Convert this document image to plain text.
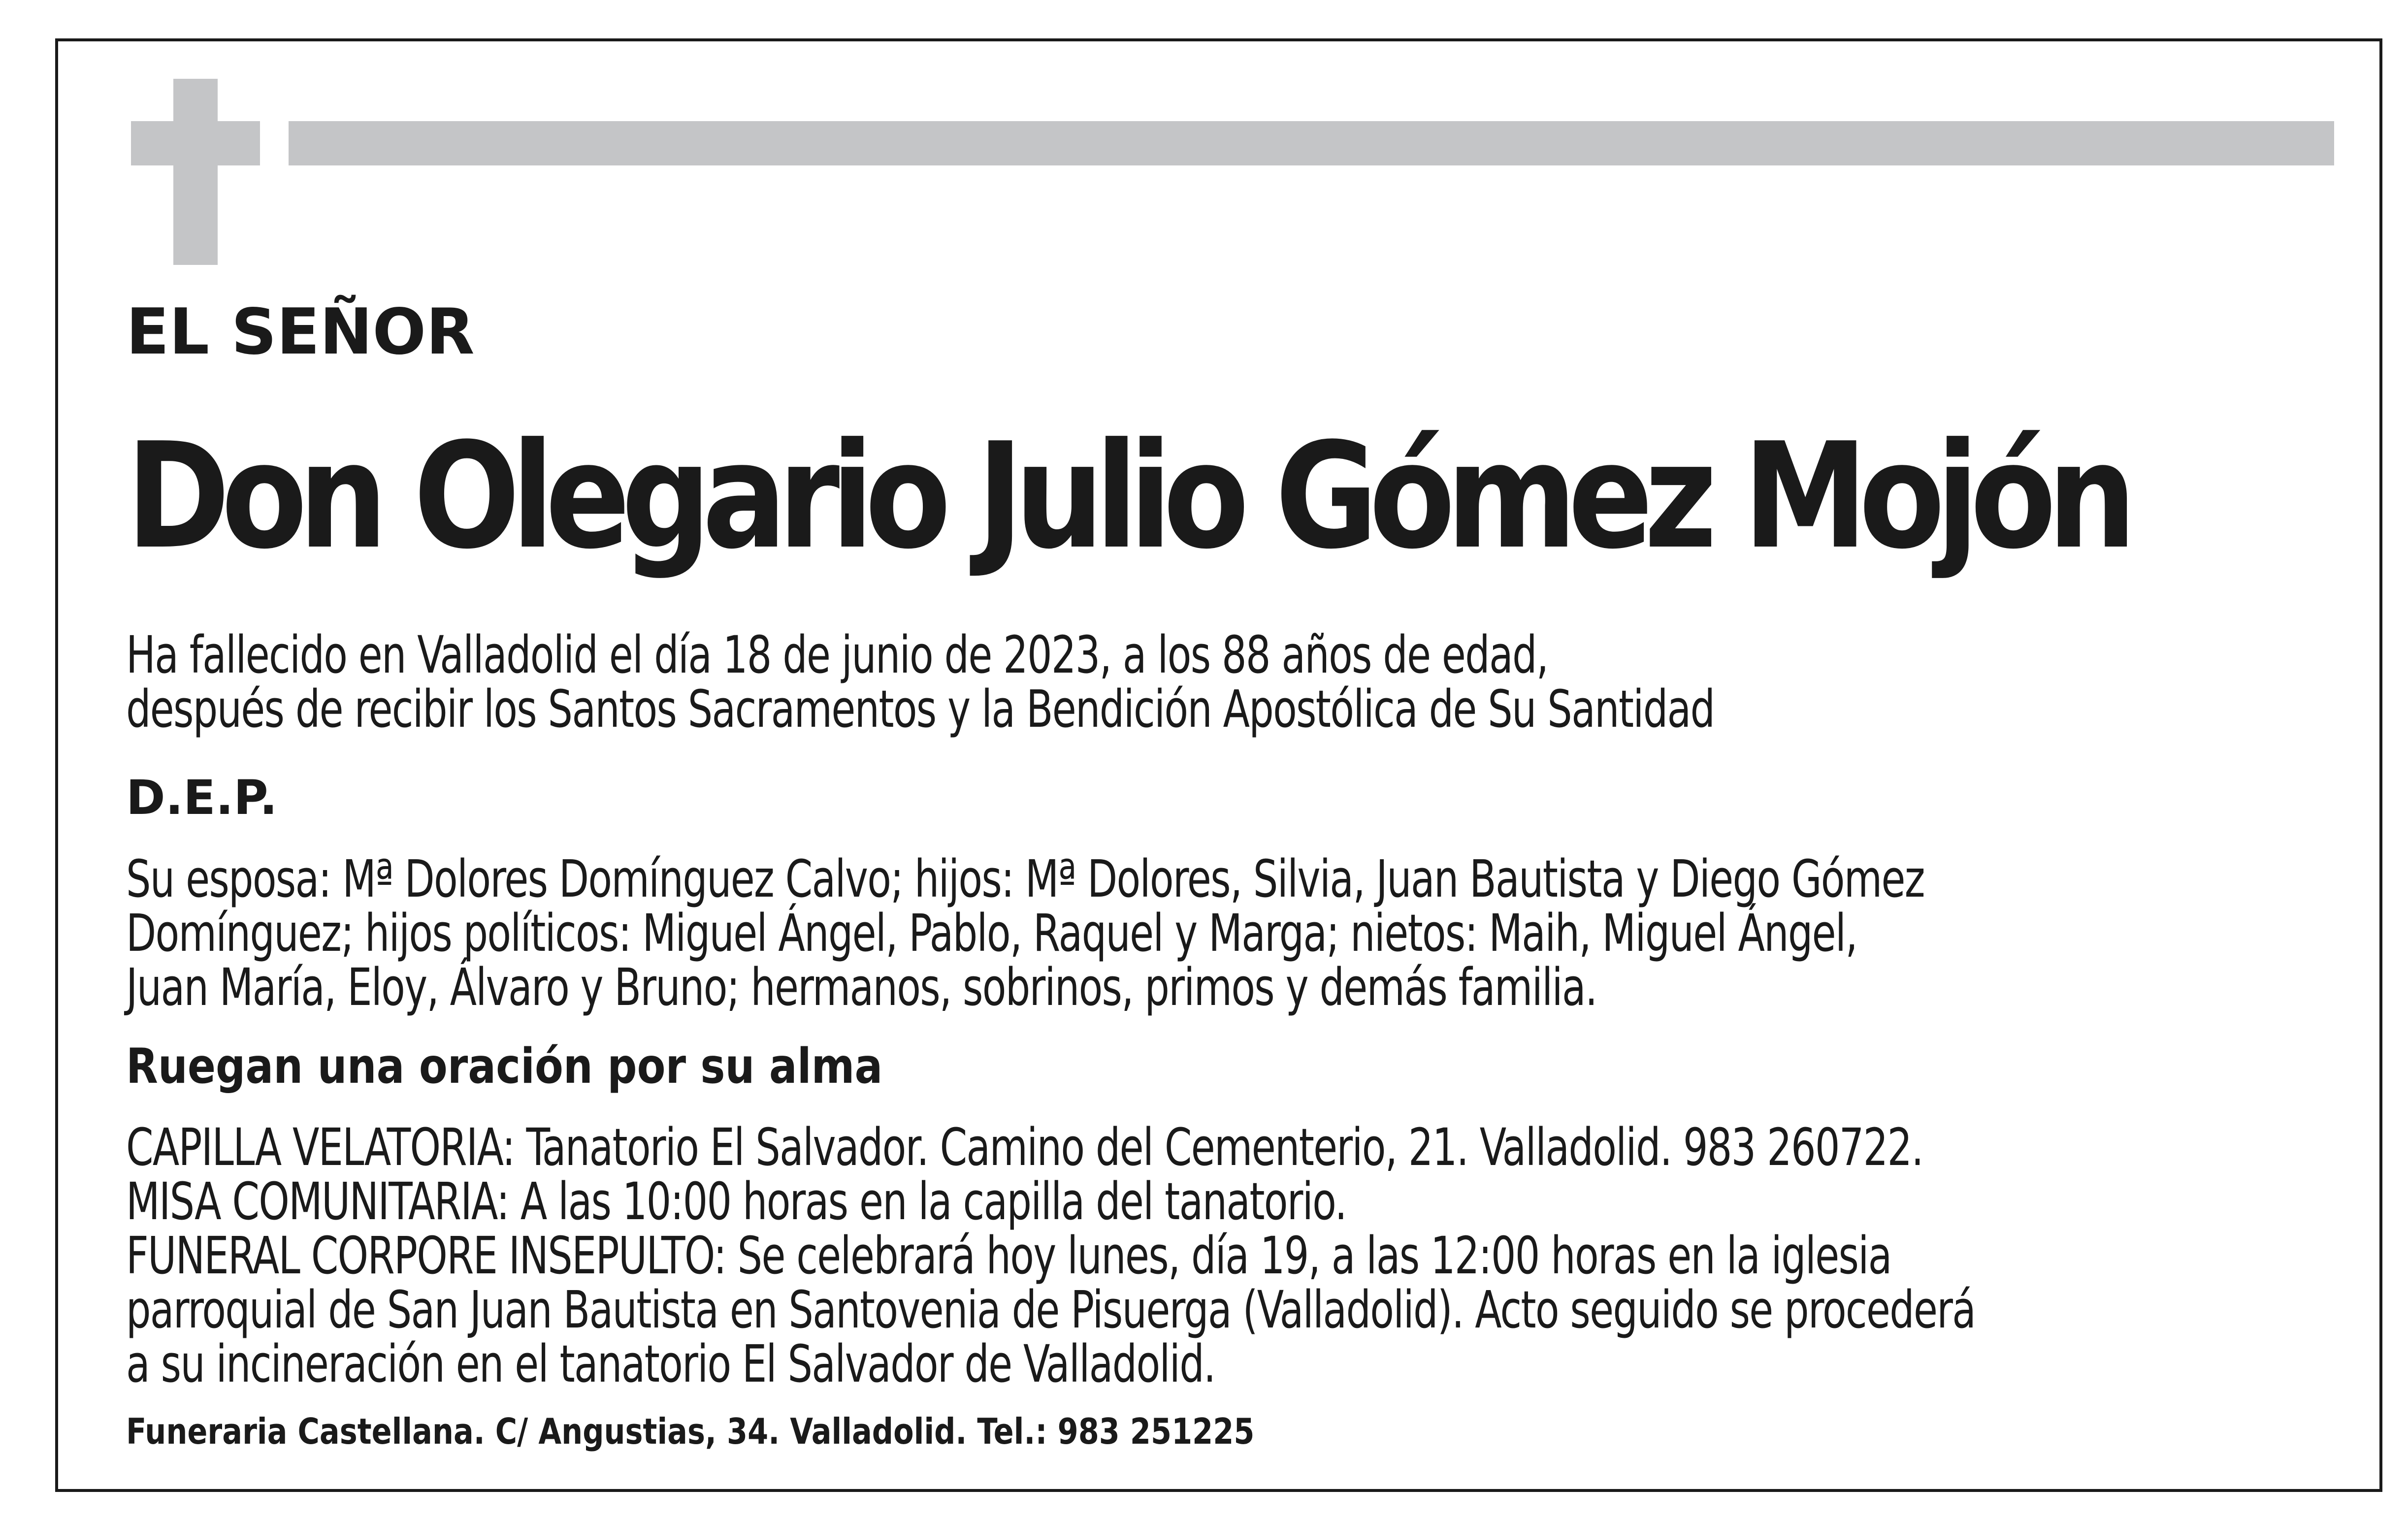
EL SEÑOR
Don Olegario Julio Gómez Mojón
Ha fallecido en Valladolid el día 18 de junio de 2023, a los 88 años de edad,
después de recibir los Santos Sacramentos y la Bendición Apostólica de Su Santidad
D.E.P.
Su esposa: Mª Dolores Domínguez Calvo; hijos: Mª Dolores, Silvia, Juan Bautista y Diego Gómez
Domínguez; hijos políticos: Miguel Ángel, Pablo, Raquel y Marga; nietos: Maih, Miguel Ángel,
Juan María, Eloy, Álvaro y Bruno; hermanos, sobrinos, primos y demás familia.
Ruegan una oración por su alma
CAPILLA VELATORIA: Tanatorio El Salvador. Camino del Cementerio, 21. Valladolid. 983 260722.
MISA COMUNITARIA: A las 10:00 horas en la capilla del tanatorio.
FUNERAL CORPORE INSEPULTO: Se celebrará hoy lunes, día 19, a las 12:00 horas en la iglesia
parroquial de San Juan Bautista en Santovenia de Pisuerga (Valladolid). Acto seguido se procederá
a su incineración en el tanatorio El Salvador de Valladolid.
Funeraria Castellana. C/ Angustias, 34. Valladolid. Tel.: 983 251225
